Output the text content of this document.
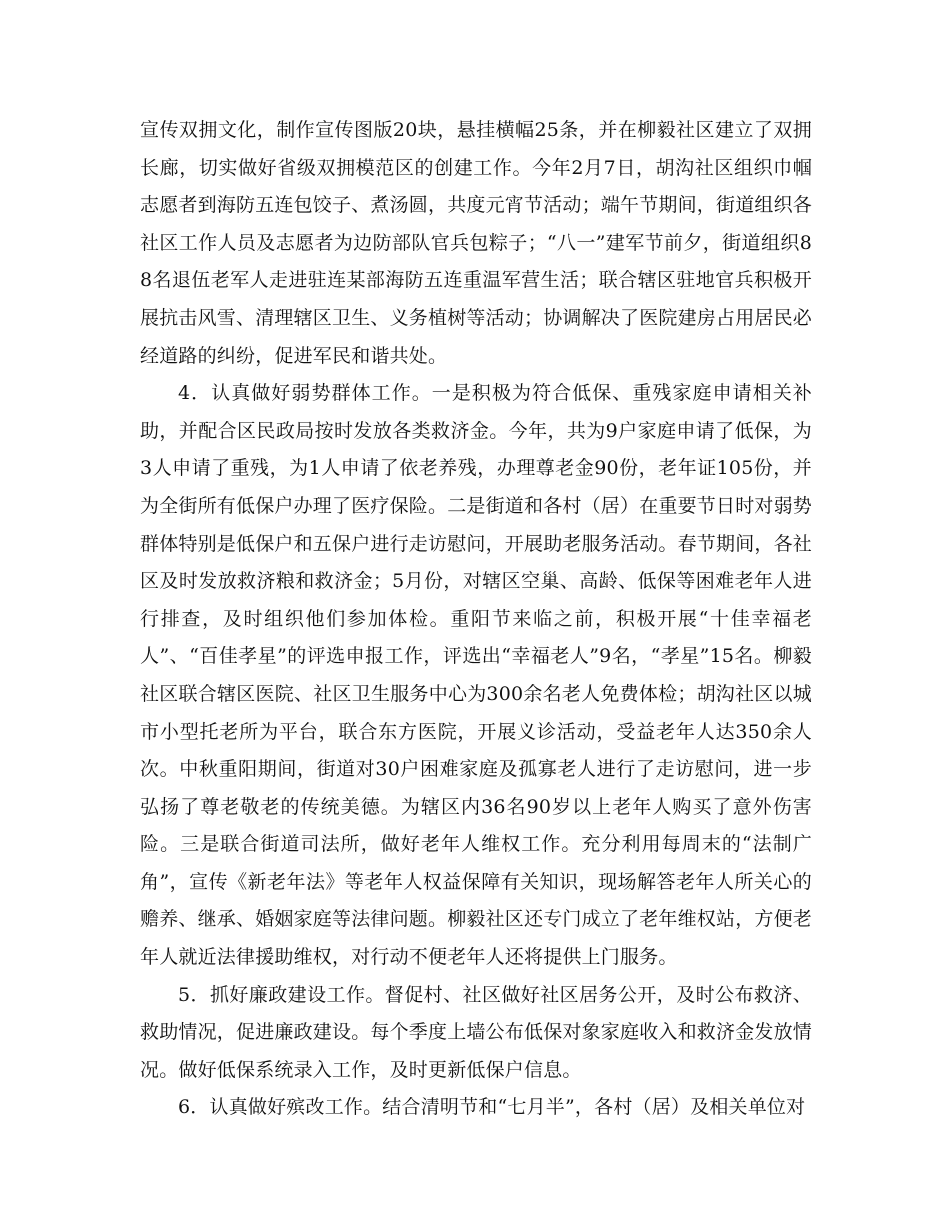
宣传双拥文化，制作宣传图版20块，悬挂横幅25条，并在柳毅社区建立了双拥长廊，切实做好省级双拥模范区的创建工作。今年2月7日，胡沟社区组织巾帼志愿者到海防五连包饺子、煮汤圆，共度元宵节活动；端午节期间，街道组织各社区工作人员及志愿者为边防部队官兵包粽子；“八一”建军节前夕，街道组织88名退伍老军人走进驻连某部海防五连重温军营生活；联合辖区驻地官兵积极开展抗击风雪、清理辖区卫生、义务植树等活动；协调解决了医院建房占用居民必经道路的纠纷，促进军民和谐共处。

4．认真做好弱势群体工作。一是积极为符合低保、重残家庭申请相关补助，并配合区民政局按时发放各类救济金。今年，共为9户家庭申请了低保，为3人申请了重残，为1人申请了依老养残，办理尊老金90份，老年证105份，并为全街所有低保户办理了医疗保险。二是街道和各村（居）在重要节日时对弱势群体特别是低保户和五保户进行走访慰问，开展助老服务活动。春节期间，各社区及时发放救济粮和救济金；5月份，对辖区空巢、高龄、低保等困难老年人进行排查，及时组织他们参加体检。重阳节来临之前，积极开展“十佳幸福老人”、“百佳孝星”的评选申报工作，评选出“幸福老人”9名，“孝星”15名。柳毅社区联合辖区医院、社区卫生服务中心为300余名老人免费体检；胡沟社区以城市小型托老所为平台，联合东方医院，开展义诊活动，受益老年人达350余人次。中秋重阳期间，街道对30户困难家庭及孤寡老人进行了走访慰问，进一步弘扬了尊老敬老的传统美德。为辖区内36名90岁以上老年人购买了意外伤害险。三是联合街道司法所，做好老年人维权工作。充分利用每周末的“法制广角”，宣传《新老年法》等老年人权益保障有关知识，现场解答老年人所关心的赡养、继承、婚姻家庭等法律问题。柳毅社区还专门成立了老年维权站，方便老年人就近法律援助维权，对行动不便老年人还将提供上门服务。

5．抓好廉政建设工作。督促村、社区做好社区居务公开，及时公布救济、救助情况，促进廉政建设。每个季度上墙公布低保对象家庭收入和救济金发放情况。做好低保系统录入工作，及时更新低保户信息。

6．认真做好殡改工作。结合清明节和“七月半”，各村（居）及相关单位对
